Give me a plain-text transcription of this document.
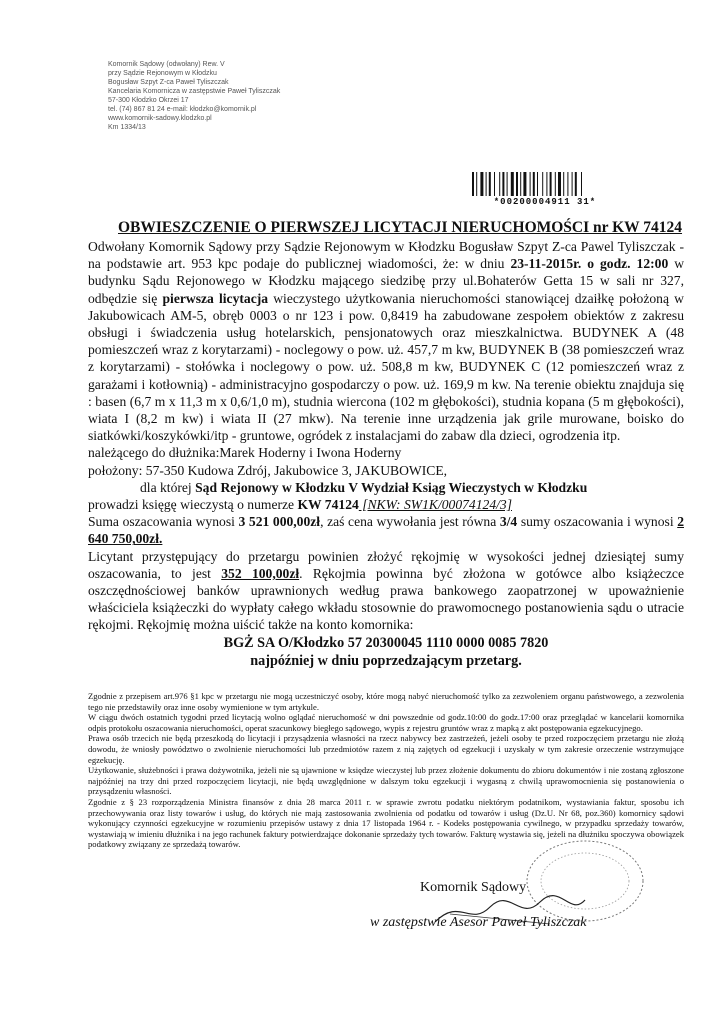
Komornik Sądowy (odwołany) Rew. V
przy Sądzie Rejonowym w Kłodzku
Bogusław Szpyt Z-ca Paweł Tyliszczak
Kancelaria Komornicza w zastępstwie Paweł Tyliszczak
57-300 Kłodzko Okrzei 17
tel. (74) 867 81 24 e-mail: kłodzko@komornik.pl
www.komornik-sadowy.klodzko.pl
Km 1334/13
*00200004911 31*
OBWIESZCZENIE O PIERWSZEJ LICYTACJI NIERUCHOMOŚCI nr KW 74124

Odwołany Komornik Sądowy przy Sądzie Rejonowym w Kłodzku Bogusław Szpyt Z-ca Pawel Tyliszczak - na podstawie art. 953 kpc podaje do publicznej wiadomości, że: w dniu 23-11-2015r. o godz. 12:00 w budynku Sądu Rejonowego w Kłodzku mającego siedzibę przy ul.Bohaterów Getta 15 w sali nr 327, odbędzie się pierwsza licytacja wieczystego użytkowania nieruchomości stanowiącej dzaiłkę położoną w Jakubowicach AM-5, obręb 0003 o nr 123 i pow. 0,8419 ha zabudowane zespołem obiektów z zakresu obsługi i świadczenia usług hotelarskich, pensjonatowych oraz mieszkalnictwa. BUDYNEK A (48 pomieszczeń wraz z korytarzami) - noclegowy o pow. uż. 457,7 m kw, BUDYNEK B (38 pomieszczeń wraz z korytarzami) - stołówka i noclegowy o pow. uż. 508,8 m kw, BUDYNEK C (12 pomieszczeń wraz z garażami i kotłownią) - administracyjno gospodarczy o pow. uż. 169,9 m kw. Na terenie obiektu znajduja się : basen (6,7 m x 11,3 m x 0,6/1,0 m), studnia wiercona (102 m głębokości), studnia kopana (5 m głębokości), wiata I (8,2 m kw) i wiata II (27 mkw). Na terenie inne urządzenia jak grile murowane, boisko do siatkówki/koszykówki/itp - gruntowe, ogródek z instalacjami do zabaw dla dzieci, ogrodzenia itp.

należącego do dłużnika:Marek Hoderny i Iwona Hoderny

położony: 57-350 Kudowa Zdrój, Jakubowice 3, JAKUBOWICE,

dla której Sąd Rejonowy w Kłodzku V Wydział Ksiąg Wieczystych w Kłodzku

prowadzi księgę wieczystą o numerze KW 74124 [NKW: SW1K/00074124/3]

Suma oszacowania wynosi 3 521 000,00zł, zaś cena wywołania jest równa 3/4 sumy oszacowania i wynosi 2 640 750,00zł.

Licytant przystępujący do przetargu powinien złożyć rękojmię w wysokości jednej dziesiątej sumy oszacowania, to jest 352 100,00zł. Rękojmia powinna być złożona w gotówce albo książeczce oszczędnościowej banków uprawnionych według prawa bankowego zaopatrzonej w upoważnienie właściciela książeczki do wypłaty całego wkładu stosownie do prawomocnego postanowienia sądu o utracie rękojmi. Rękojmię można uiścić także na konto komornika:

BGŻ SA O/Kłodzko 57 20300045 1110 0000 0085 7820
najpóźniej w dniu poprzedzającym przetarg.

Zgodnie z przepisem art.976 §1 kpc w przetargu nie mogą uczestniczyć osoby, które mogą nabyć nieruchomość tylko za zezwoleniem organu państwowego, a zezwolenia tego nie przedstawiły oraz inne osoby wymienione w tym artykule.

W ciągu dwóch ostatnich tygodni przed licytacją wolno oglądać nieruchomość w dni powszednie od godz.10:00 do godz.17:00 oraz przeglądać w kancelarii komornika odpis protokołu oszacowania nieruchomości, operat szacunkowy biegłego sądowego, wypis z rejestru gruntów wraz z mapką z akt postępowania egzekucyjnego.

Prawa osób trzecich nie będą przeszkodą do licytacji i przysądzenia własności na rzecz nabywcy bez zastrzeżeń, jeżeli osoby te przed rozpoczęciem przetargu nie złożą dowodu, że wniosły powództwo o zwolnienie nieruchomości lub przedmiotów razem z nią zajętych od egzekucji i uzyskały w tym zakresie orzeczenie wstrzymujące egzekucję.

Użytkowanie, służebności i prawa dożywotnika, jeżeli nie są ujawnione w księdze wieczystej lub przez złożenie dokumentu do zbioru dokumentów i nie zostaną zgłoszone najpóźniej na trzy dni przed rozpoczęciem licytacji, nie będą uwzględnione w dalszym toku egzekucji i wygasną z chwilą uprawomocnienia się postanowienia o przysądzeniu własności.

Zgodnie z § 23 rozporządzenia Ministra finansów z dnia 28 marca 2011 r. w sprawie zwrotu podatku niektórym podatnikom, wystawiania faktur, sposobu ich przechowywania oraz listy towarów i usług, do których nie mają zastosowania zwolnienia od podatku od towarów i usług (Dz.U. Nr 68, poz.360) komornicy sądowi wykonujący czynności egzekucyjne w rozumieniu przepisów ustawy z dnia 17 listopada 1964 r. - Kodeks postępowania cywilnego, w przypadku sprzedaży towarów, wystawiają w imieniu dłużnika i na jego rachunek faktury potwierdzające dokonanie sprzedaży tych towarów. Fakturę wystawia się, jeżeli na dłużniku spoczywa obowiązek podatkowy związany ze sprzedażą towarów.

Komornik Sądowy
w zastępstwie Asesor Paweł Tyliszczak
